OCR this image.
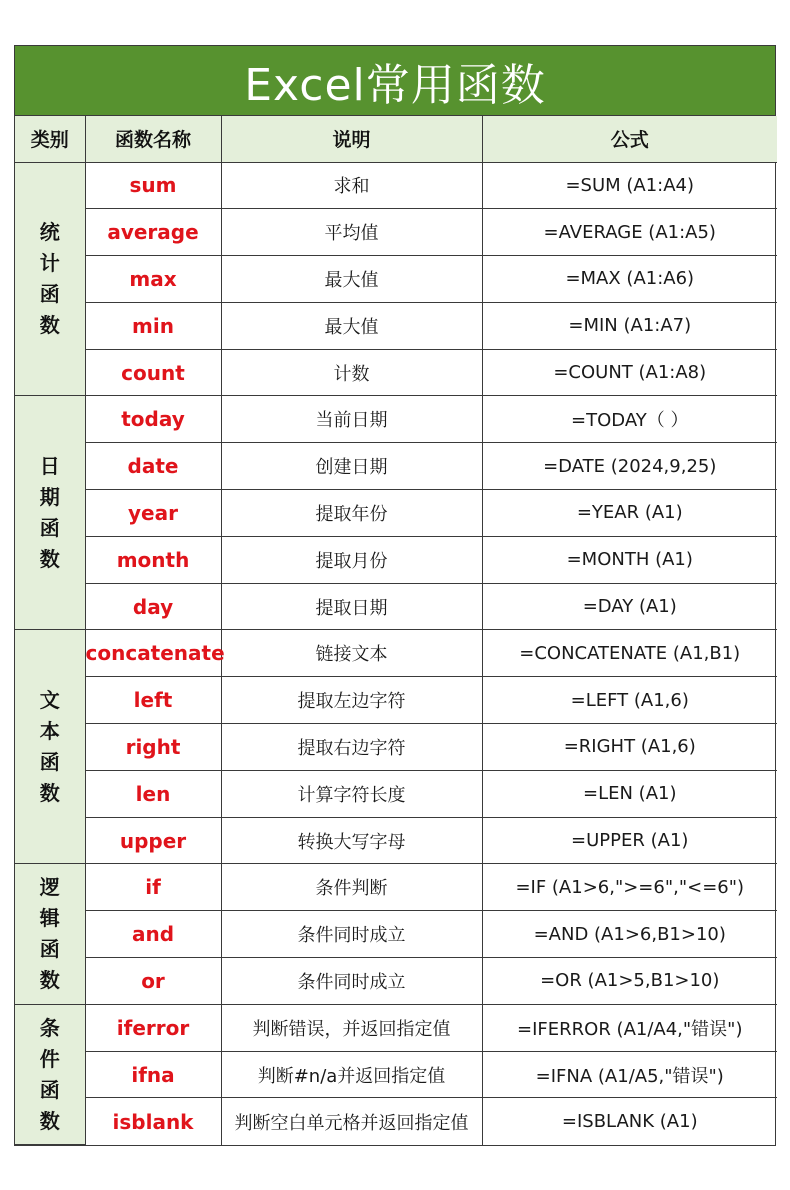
Excel常用函数
类别	函数名称	说明	公式

统
计
函
数	sum	求和	=SUM (A1:A4)
	average	平均值	=AVERAGE (A1:A5)
	max	最大值	=MAX (A1:A6)
	min	最大值	=MIN (A1:A7)
	count	计数	=COUNT (A1:A8)

日
期
函
数	today	当前日期	=TODAY（ ）
	date	创建日期	=DATE (2024,9,25)
	year	提取年份	=YEAR (A1)
	month	提取月份	=MONTH (A1)
	day	提取日期	=DAY (A1)

文
本
函
数	concatenate	链接文本	=CONCATENATE (A1,B1)
	left	提取左边字符	=LEFT (A1,6)
	right	提取右边字符	=RIGHT (A1,6)
	len	计算字符长度	=LEN (A1)
	upper	转换大写字母	=UPPER (A1)

逻
辑
函
数	if	条件判断	=IF (A1>6,">=6","<=6")
	and	条件同时成立	=AND (A1>6,B1>10)
	or	条件同时成立	=OR (A1>5,B1>10)

条
件
函
数	iferror	判断错误，并返回指定值	=IFERROR (A1/A4,"错误")
	ifna	判断#n/a并返回指定值	=IFNA (A1/A5,"错误")
	isblank	判断空白单元格并返回指定值	=ISBLANK (A1)
